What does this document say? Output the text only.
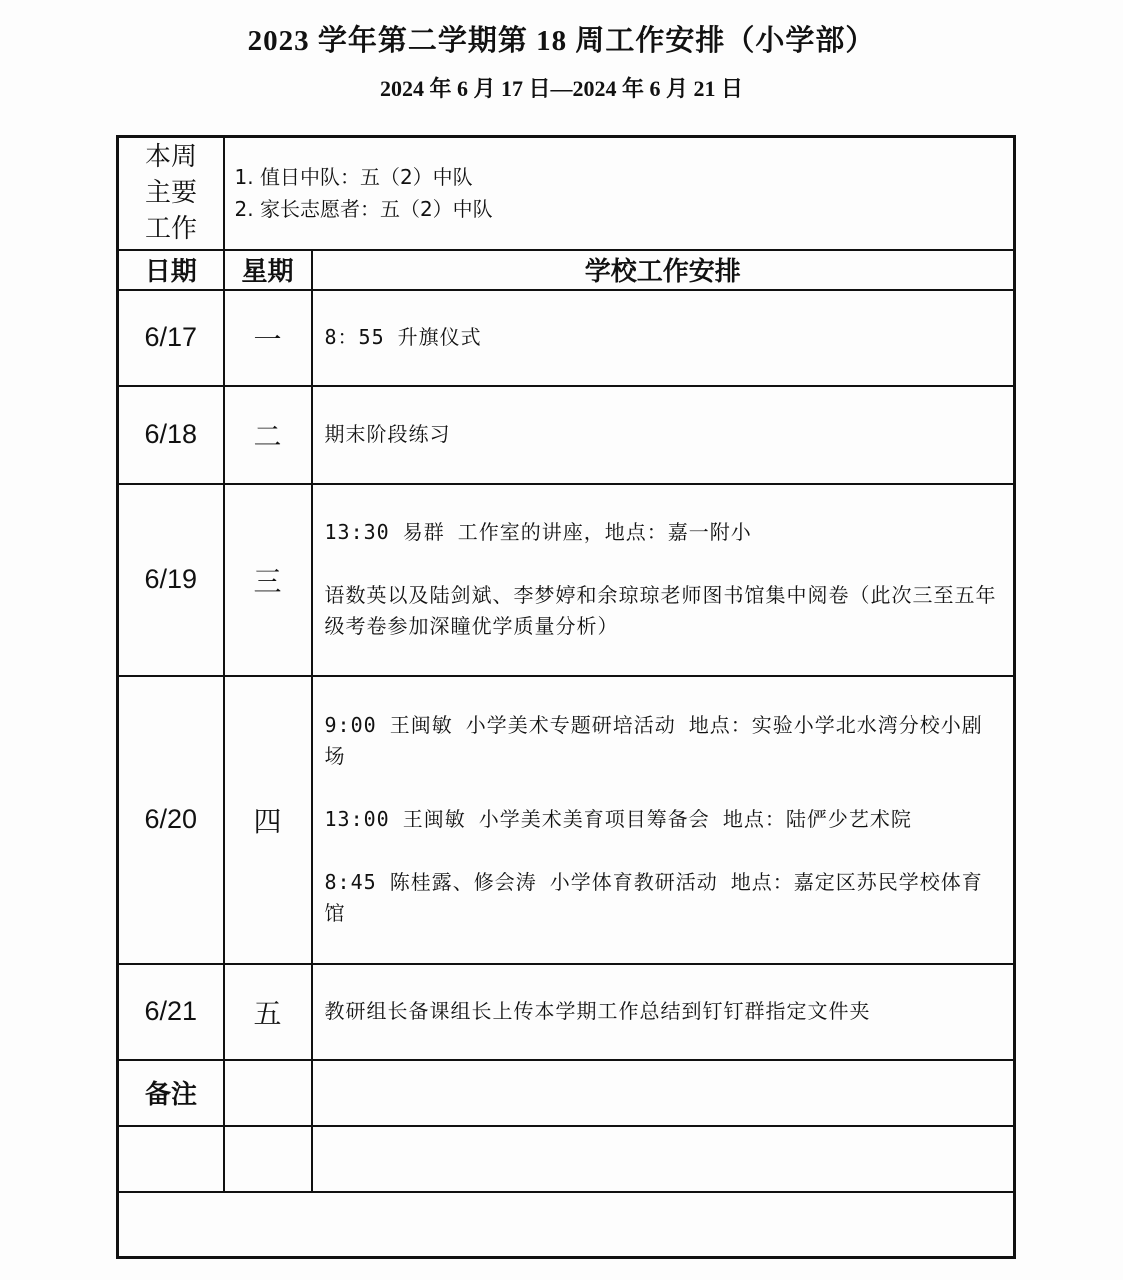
2023 学年第二学期第 18 周工作安排（小学部）
2024 年 6 月 17 日—2024 年 6 月 21 日
本周主要工作	1. 值日中队：五（2）中队
2. 家长志愿者：五（2）中队	

日期	星期	学校工作安排
6/17	一	8：55 升旗仪式

6/18	二	期末阶段练习

6/19	三	13:30 易群 工作室的讲座，地点：嘉一附小

语数英以及陆剑斌、李梦婷和余琼琼老师图书馆集中阅卷（此次三至五年级考卷参加深瞳优学质量分析）

6/20	四	9:00 王闽敏 小学美术专题研培活动 地点：实验小学北水湾分校小剧场

13:00 王闽敏 小学美术美育项目筹备会 地点：陆俨少艺术院

8:45 陈桂露、修会涛 小学体育教研活动 地点：嘉定区苏民学校体育馆

6/21	五	教研组长备课组长上传本学期工作总结到钉钉群指定文件夹

备注		
